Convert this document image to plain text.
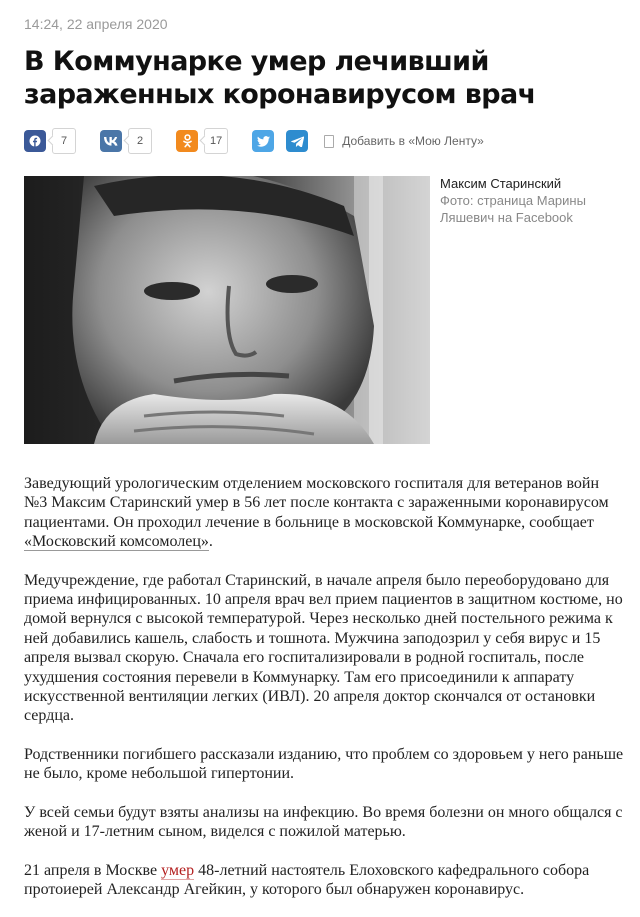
14:24, 22 апреля 2020
В Коммунарке умер лечивший зараженных коронавирусом врач
7	2	17	Добавить в «Мою Ленту»
Максим Старинский
Фото: страница Марины Ляшевич на Facebook

Заведующий урологическим отделением московского госпиталя для ветеранов войн №3 Максим Старинский умер в 56 лет после контакта с зараженными коронавирусом пациентами. Он проходил лечение в больнице в московской Коммунарке, сообщает «Московский комсомолец».

Медучреждение, где работал Старинский, в начале апреля было переоборудовано для приема инфицированных. 10 апреля врач вел прием пациентов в защитном костюме, но домой вернулся с высокой температурой. Через несколько дней постельного режима к ней добавились кашель, слабость и тошнота. Мужчина заподозрил у себя вирус и 15 апреля вызвал скорую. Сначала его госпитализировали в родной госпиталь, после ухудшения состояния перевели в Коммунарку. Там его присоединили к аппарату искусственной вентиляции легких (ИВЛ). 20 апреля доктор скончался от остановки сердца.

Родственники погибшего рассказали изданию, что проблем со здоровьем у него раньше не было, кроме небольшой гипертонии.

У всей семьи будут взяты анализы на инфекцию. Во время болезни он много общался с женой и 17-летним сыном, виделся с пожилой матерью.

21 апреля в Москве умер 48-летний настоятель Елоховского кафедрального собора протоиерей Александр Агейкин, у которого был обнаружен коронавирус.
